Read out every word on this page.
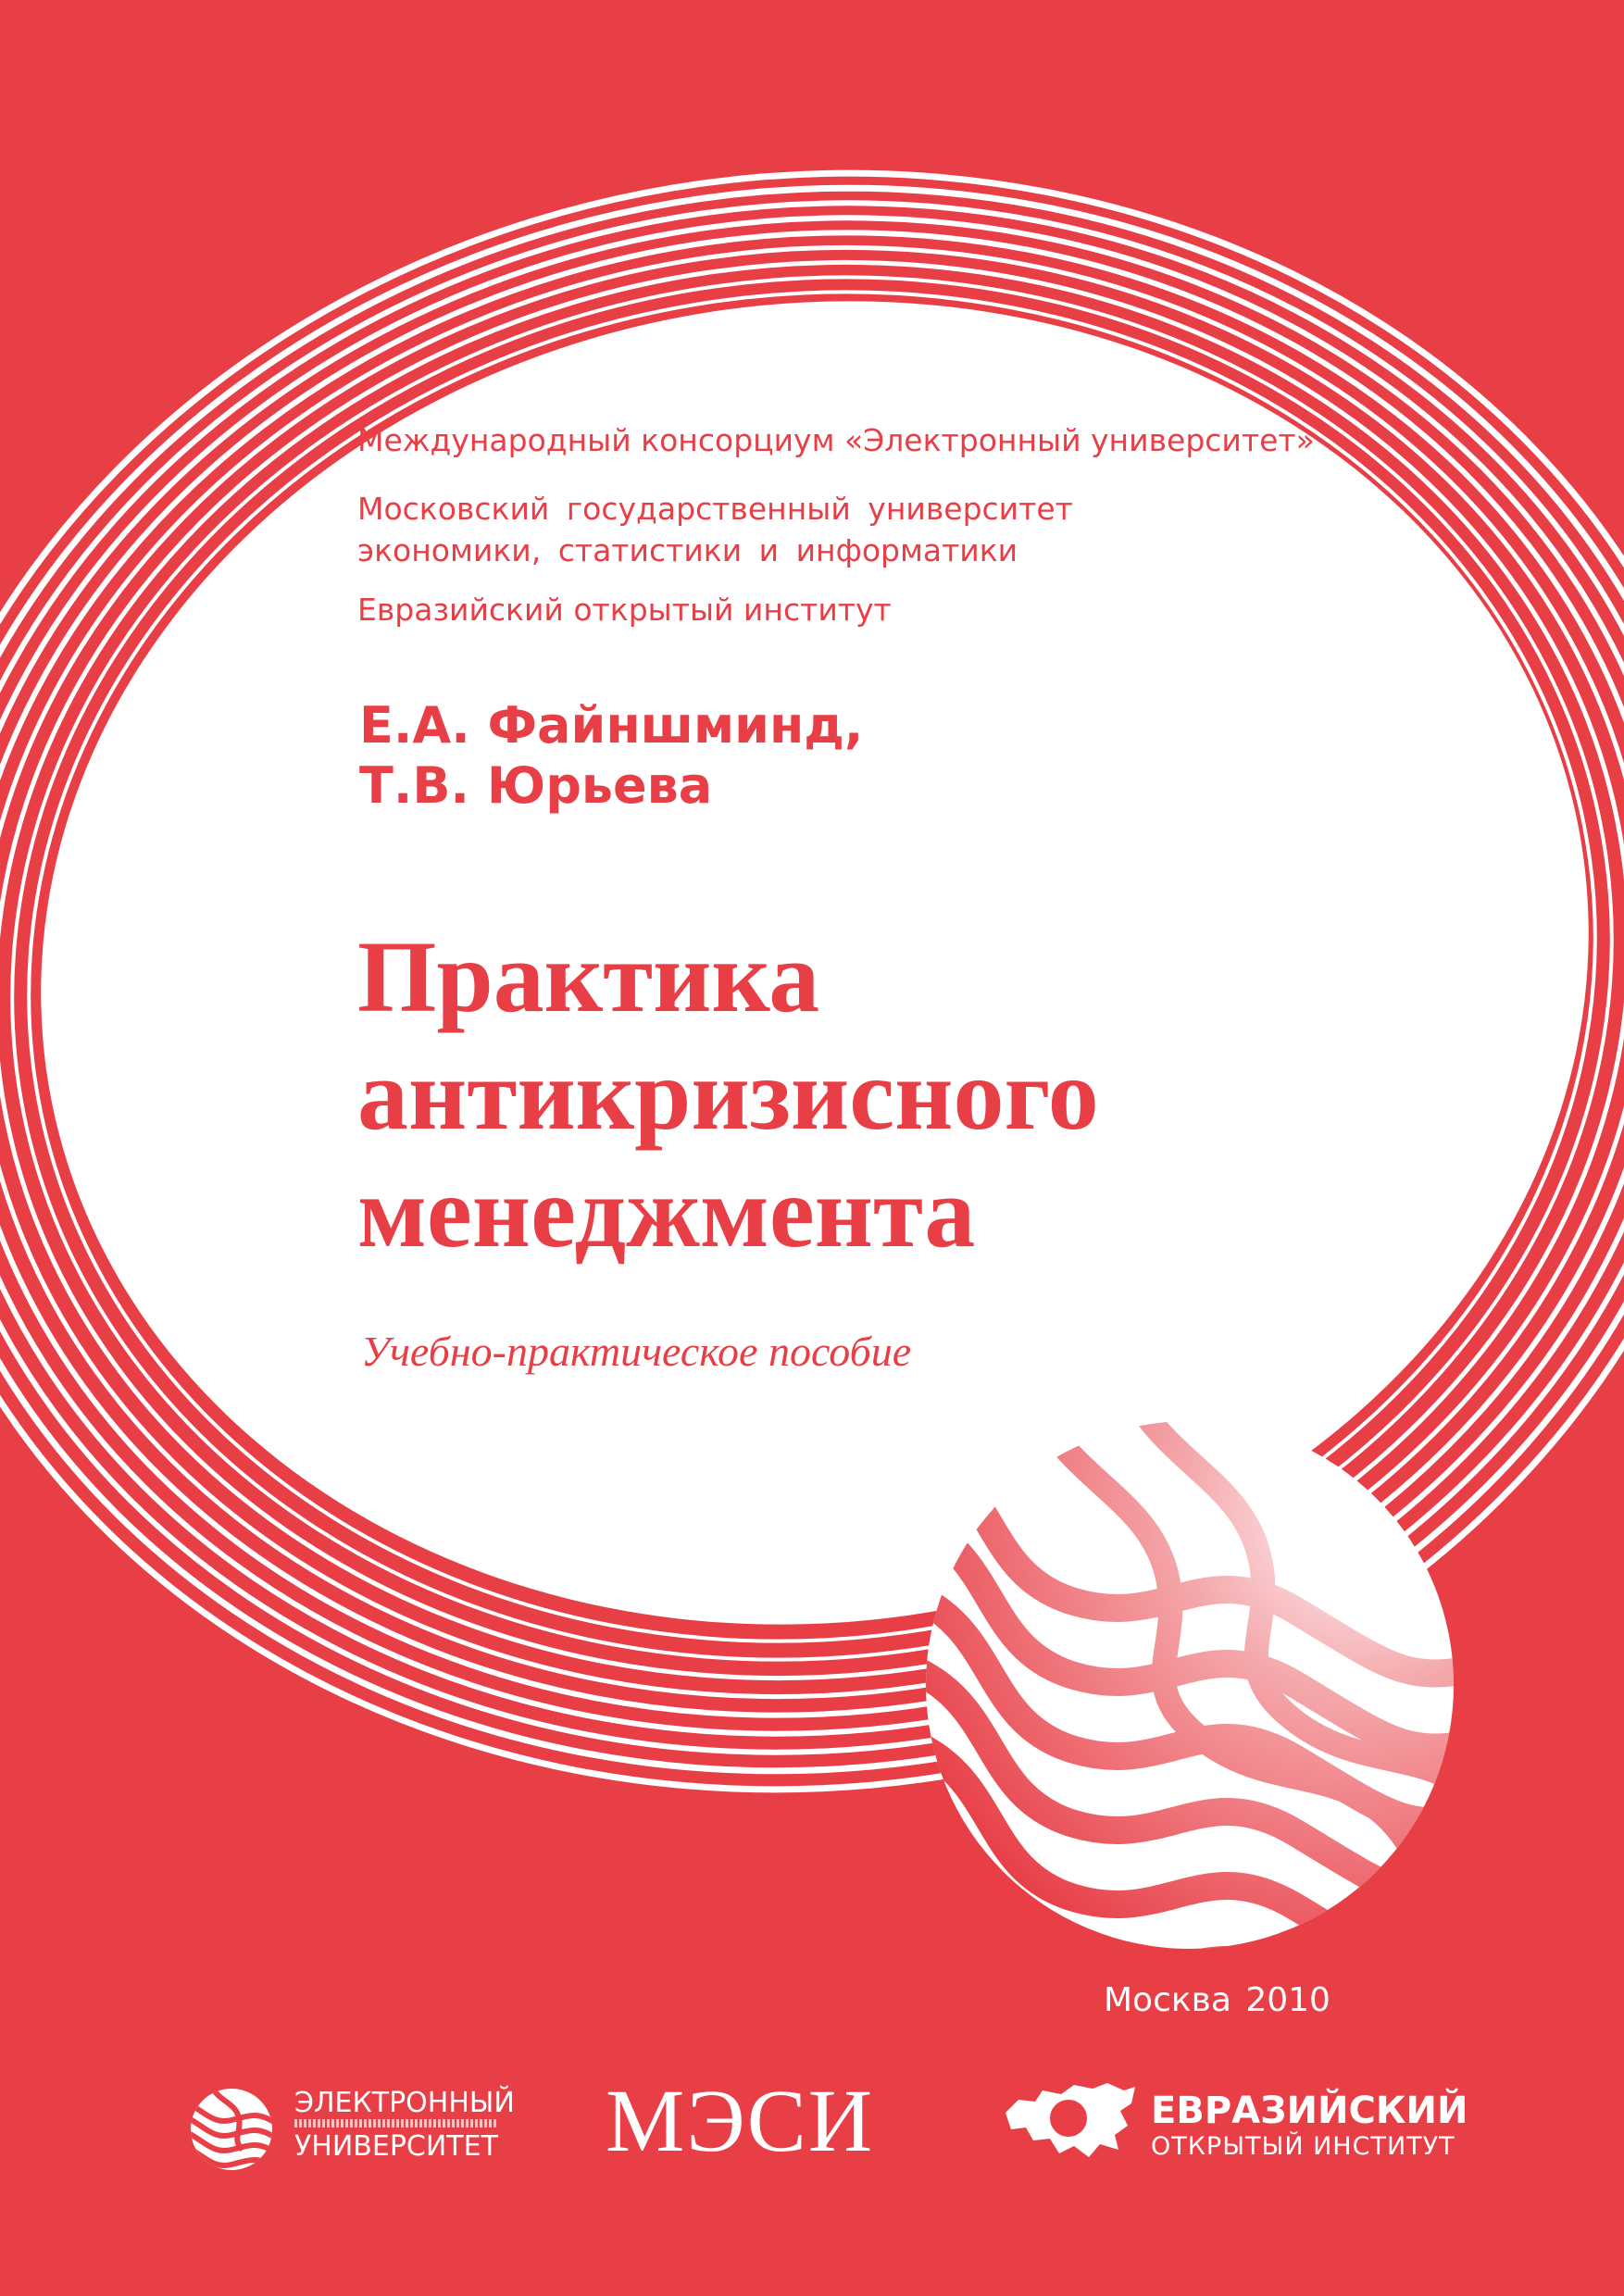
Международный консорциум «Электронный университет»

Московский государственный университет

экономики, статистики и информатики

Евразийский открытый институт

Е.А. Файншминд,

Т.В. Юрьева

Практика
антикризисного
менеджмента

Учебно-практическое пособие

Москва 2010

ЭЛЕКТРОННЫЙ

УНИВЕРСИТЕТ МЭСИ	ЕВРАЗИЙСКИЙ

ОТКРЫТЫЙ ИНСТИТУТ
